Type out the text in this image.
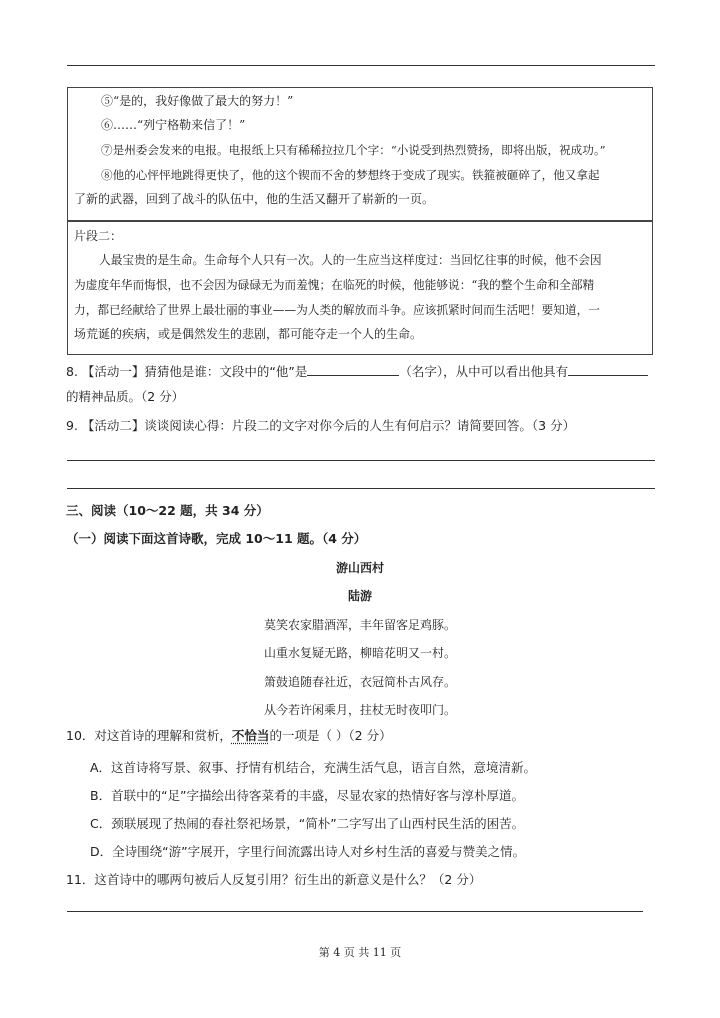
⑤“是的，我好像做了最大的努力！”
⑥……“列宁格勒来信了！”
⑦是州委会发来的电报。电报纸上只有稀稀拉拉几个字：“小说受到热烈赞扬，即将出版，祝成功。”
⑧他的心怦怦地跳得更快了，他的这个锲而不舍的梦想终于变成了现实。铁箍被砸碎了，他又拿起
了新的武器，回到了战斗的队伍中，他的生活又翻开了崭新的一页。
片段二：
人最宝贵的是生命。生命每个人只有一次。人的一生应当这样度过：当回忆往事的时候，他不会因
为虚度年华而悔恨，也不会因为碌碌无为而羞愧；在临死的时候，他能够说：“我的整个生命和全部精
力，都已经献给了世界上最壮丽的事业——为人类的解放而斗争。应该抓紧时间而生活吧！要知道，一
场荒诞的疾病，或是偶然发生的悲剧，都可能夺走一个人的生命。
8. 【活动一】猜猜他是谁：文段中的“他”是	（名字），从中可以看出他具有
的精神品质。（2 分）
9. 【活动二】谈谈阅读心得：片段二的文字对你今后的人生有何启示？请简要回答。（3 分）
三、阅读（10～22 题，共 34 分）
（一）阅读下面这首诗歌，完成 10～11 题。（4 分）
游山西村
陆游
莫笑农家腊酒浑，丰年留客足鸡豚。
山重水复疑无路，柳暗花明又一村。
箫鼓追随春社近，衣冠简朴古风存。
从今若许闲乘月，拄杖无时夜叩门。
10．对这首诗的理解和赏析，不恰当的一项是（ ）（2 分）
A．这首诗将写景、叙事、抒情有机结合，充满生活气息，语言自然，意境清新。
B．首联中的“足”字描绘出待客菜肴的丰盛，尽显农家的热情好客与淳朴厚道。
C．颈联展现了热闹的春社祭祀场景，“简朴”二字写出了山西村民生活的困苦。
D．全诗围绕“游”字展开，字里行间流露出诗人对乡村生活的喜爱与赞美之情。
11．这首诗中的哪两句被后人反复引用？衍生出的新意义是什么？（2 分）
第 4 页 共 11 页
